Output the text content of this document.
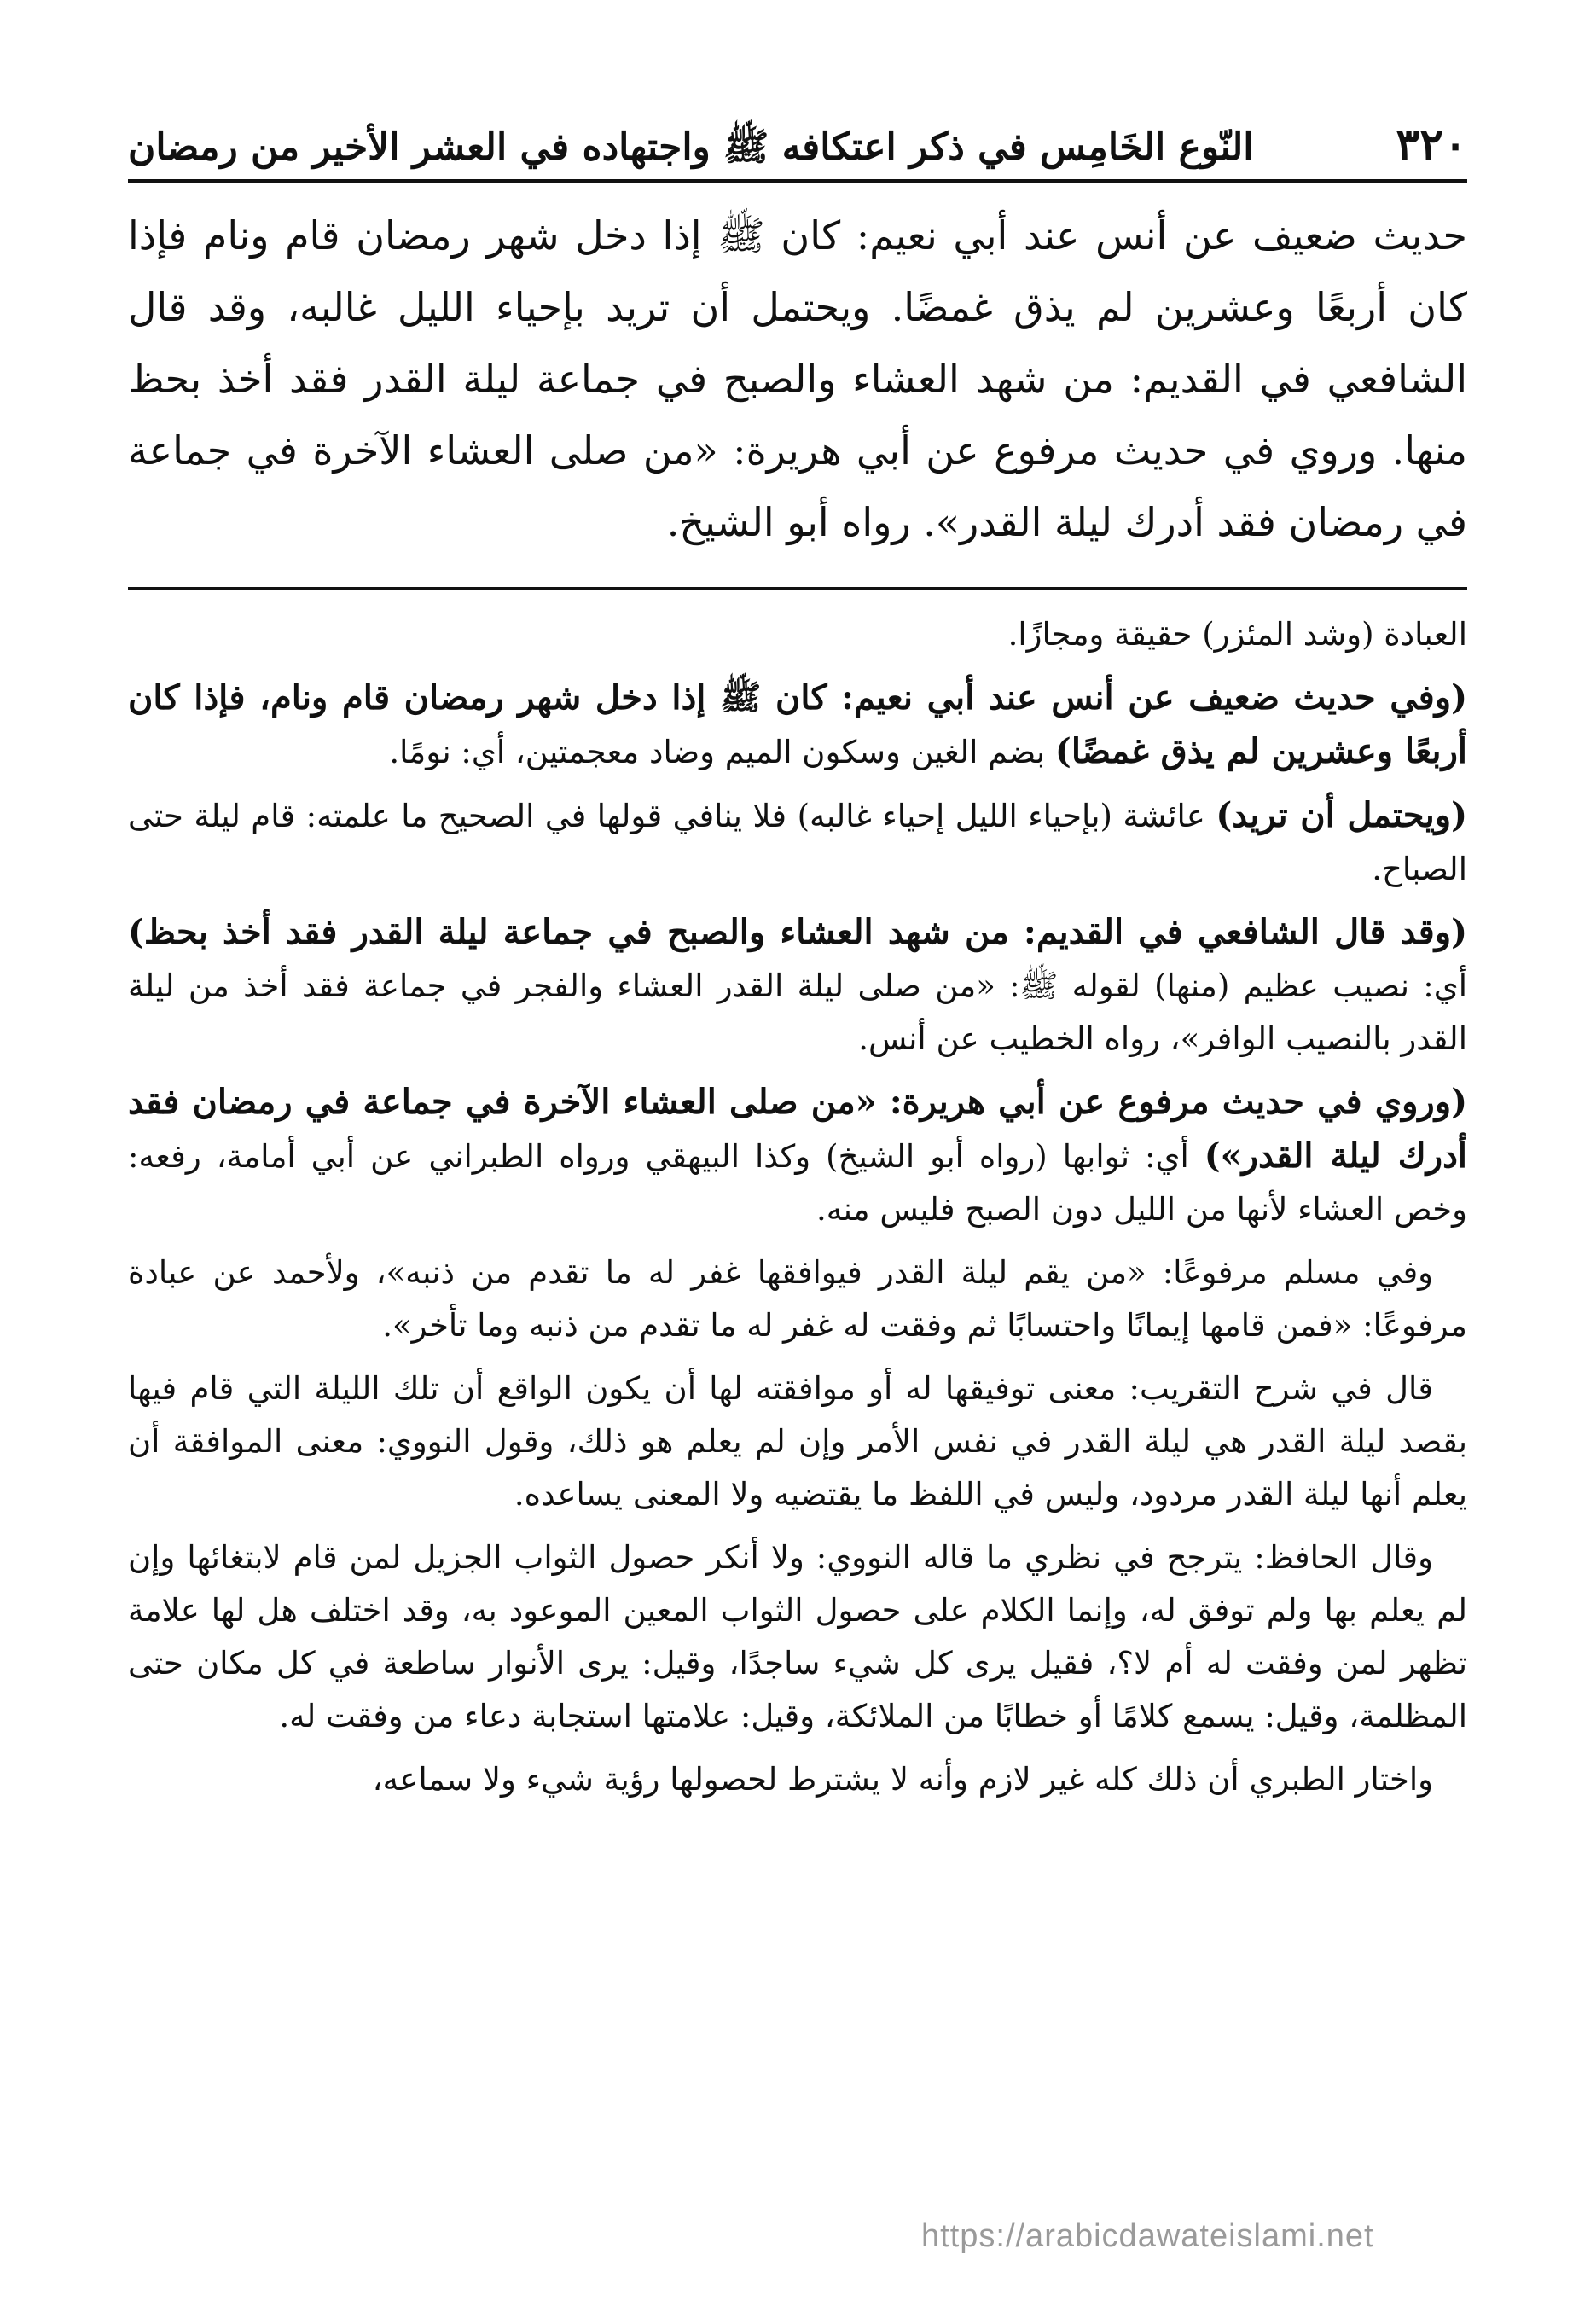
٣٢٠
النّوع الخَامِس في ذكر اعتكافه ﷺ واجتهاده في العشر الأخير من رمضان
حديث ضعيف عن أنس عند أبي نعيم: كان ﷺ إذا دخل شهر رمضان قام ونام فإذا كان أربعًا وعشرين لم يذق غمضًا. ويحتمل أن تريد بإحياء الليل غالبه، وقد قال الشافعي في القديم: من شهد العشاء والصبح في جماعة ليلة القدر فقد أخذ بحظ منها. وروي في حديث مرفوع عن أبي هريرة: «من صلى العشاء الآخرة في جماعة في رمضان فقد أدرك ليلة القدر». رواه أبو الشيخ.

العبادة (وشد المئزر) حقيقة ومجازًا.

(وفي حديث ضعيف عن أنس عند أبي نعيم: كان ﷺ إذا دخل شهر رمضان قام ونام، فإذا كان أربعًا وعشرين لم يذق غمضًا) بضم الغين وسكون الميم وضاد معجمتين، أي: نومًا.

(ويحتمل أن تريد) عائشة (بإحياء الليل إحياء غالبه) فلا ينافي قولها في الصحيح ما علمته: قام ليلة حتى الصباح.

(وقد قال الشافعي في القديم: من شهد العشاء والصبح في جماعة ليلة القدر فقد أخذ بحظ) أي: نصيب عظيم (منها) لقوله ﷺ: «من صلى ليلة القدر العشاء والفجر في جماعة فقد أخذ من ليلة القدر بالنصيب الوافر»، رواه الخطيب عن أنس.

(وروي في حديث مرفوع عن أبي هريرة: «من صلى العشاء الآخرة في جماعة في رمضان فقد أدرك ليلة القدر») أي: ثوابها (رواه أبو الشيخ) وكذا البيهقي ورواه الطبراني عن أبي أمامة، رفعه: وخص العشاء لأنها من الليل دون الصبح فليس منه.

وفي مسلم مرفوعًا: «من يقم ليلة القدر فيوافقها غفر له ما تقدم من ذنبه»، ولأحمد عن عبادة مرفوعًا: «فمن قامها إيمانًا واحتسابًا ثم وفقت له غفر له ما تقدم من ذنبه وما تأخر».

قال في شرح التقريب: معنى توفيقها له أو موافقته لها أن يكون الواقع أن تلك الليلة التي قام فيها بقصد ليلة القدر هي ليلة القدر في نفس الأمر وإن لم يعلم هو ذلك، وقول النووي: معنى الموافقة أن يعلم أنها ليلة القدر مردود، وليس في اللفظ ما يقتضيه ولا المعنى يساعده.

وقال الحافظ: يترجح في نظري ما قاله النووي: ولا أنكر حصول الثواب الجزيل لمن قام لابتغائها وإن لم يعلم بها ولم توفق له، وإنما الكلام على حصول الثواب المعين الموعود به، وقد اختلف هل لها علامة تظهر لمن وفقت له أم لا؟، فقيل يرى كل شيء ساجدًا، وقيل: يرى الأنوار ساطعة في كل مكان حتى المظلمة، وقيل: يسمع كلامًا أو خطابًا من الملائكة، وقيل: علامتها استجابة دعاء من وفقت له.

واختار الطبري أن ذلك كله غير لازم وأنه لا يشترط لحصولها رؤية شيء ولا سماعه،

https://arabicdawateislami.net
